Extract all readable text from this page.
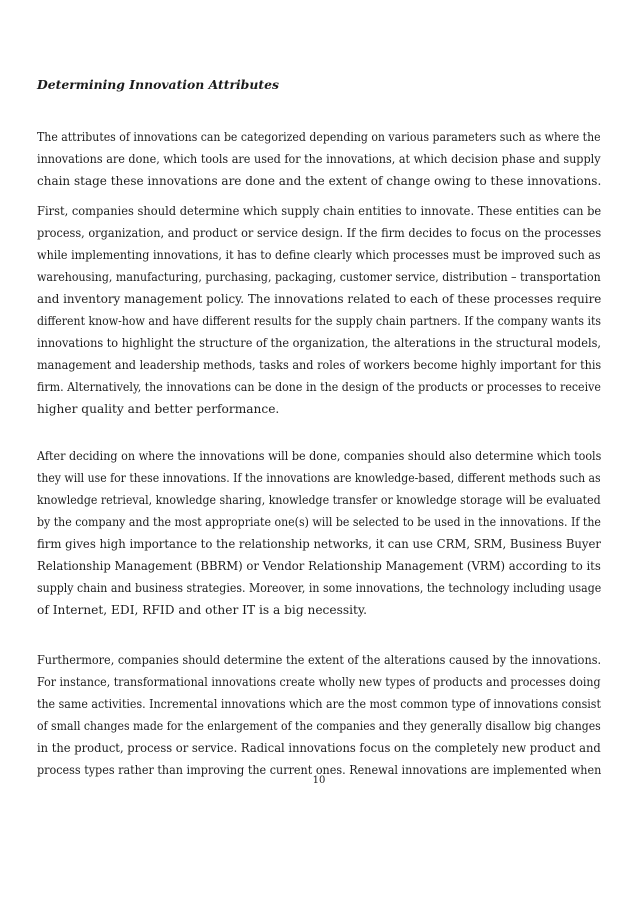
Determining Innovation Attributes

The attributes of innovations can be categorized depending on various parameters such as where the

innovations are done, which tools are used for the innovations, at which decision phase and supply

chain stage these innovations are done and the extent of change owing to these innovations.

First, companies should determine which supply chain entities to innovate. These entities can be

process, organization, and product or service design. If the firm decides to focus on the processes

while implementing innovations, it has to define clearly which processes must be improved such as

warehousing, manufacturing, purchasing, packaging, customer service, distribution – transportation

and inventory management policy. The innovations related to each of these processes require

different know-how and have different results for the supply chain partners. If the company wants its

innovations to highlight the structure of the organization, the alterations in the structural models,

management and leadership methods, tasks and roles of workers become highly important for this

firm. Alternatively, the innovations can be done in the design of the products or processes to receive

higher quality and better performance.

After deciding on where the innovations will be done, companies should also determine which tools

they will use for these innovations. If the innovations are knowledge-based, different methods such as

knowledge retrieval, knowledge sharing, knowledge transfer or knowledge storage will be evaluated

by the company and the most appropriate one(s) will be selected to be used in the innovations. If the

firm gives high importance to the relationship networks, it can use CRM, SRM, Business Buyer

Relationship Management (BBRM) or Vendor Relationship Management (VRM) according to its

supply chain and business strategies. Moreover, in some innovations, the technology including usage

of Internet, EDI, RFID and other IT is a big necessity.

Furthermore, companies should determine the extent of the alterations caused by the innovations.

For instance, transformational innovations create wholly new types of products and processes doing

the same activities. Incremental innovations which are the most common type of innovations consist

of small changes made for the enlargement of the companies and they generally disallow big changes

in the product, process or service. Radical innovations focus on the completely new product and

process types rather than improving the current ones. Renewal innovations are implemented when

10
